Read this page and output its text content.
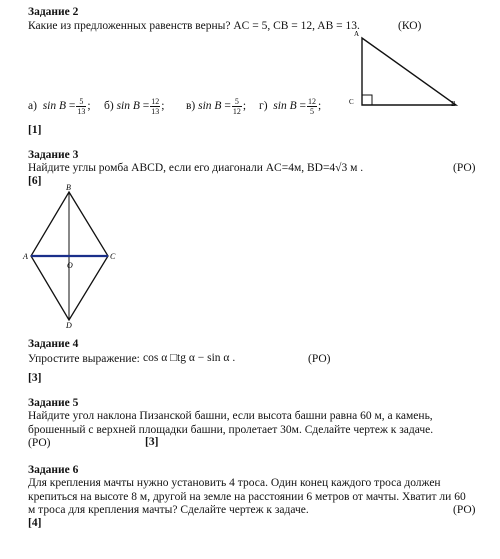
Задание 2
Какие из предложенных равенств верны? AC = 5, CB = 12, AB = 13.	(КО)
A
C	B
а) $\sin B = \frac{5}{13}$ ; б) $\sin B = \frac{12}{13}$ ; в) $\sin B = \frac{5}{12}$ ; г) $\sin B = \frac{12}{5}$ ;
[1]
Задание 3
Найдите углы ромба ABCD, если его диагонали AC=4м, BD=4√3 м .	(РО)
[6]
B
A	C
D
O
Задание 4
Упростите выражение: cos α □tg α − sin α .	(РО)
[3]
Задание 5
Найдите угол наклона Пизанской башни, если высота башни равна 60 м, а камень,
брошенный с верхней площадки башни, пролетает 30м. Сделайте чертеж к задаче.
(РО)	[3]
Задание 6
Для крепления мачты нужно установить 4 троса. Один конец каждого троса должен
крепиться на высоте 8 м, другой на земле на расстоянии 6 метров от мачты. Хватит ли 60
м троса для крепления мачты? Сделайте чертеж к задаче.	(РО)
[4]
